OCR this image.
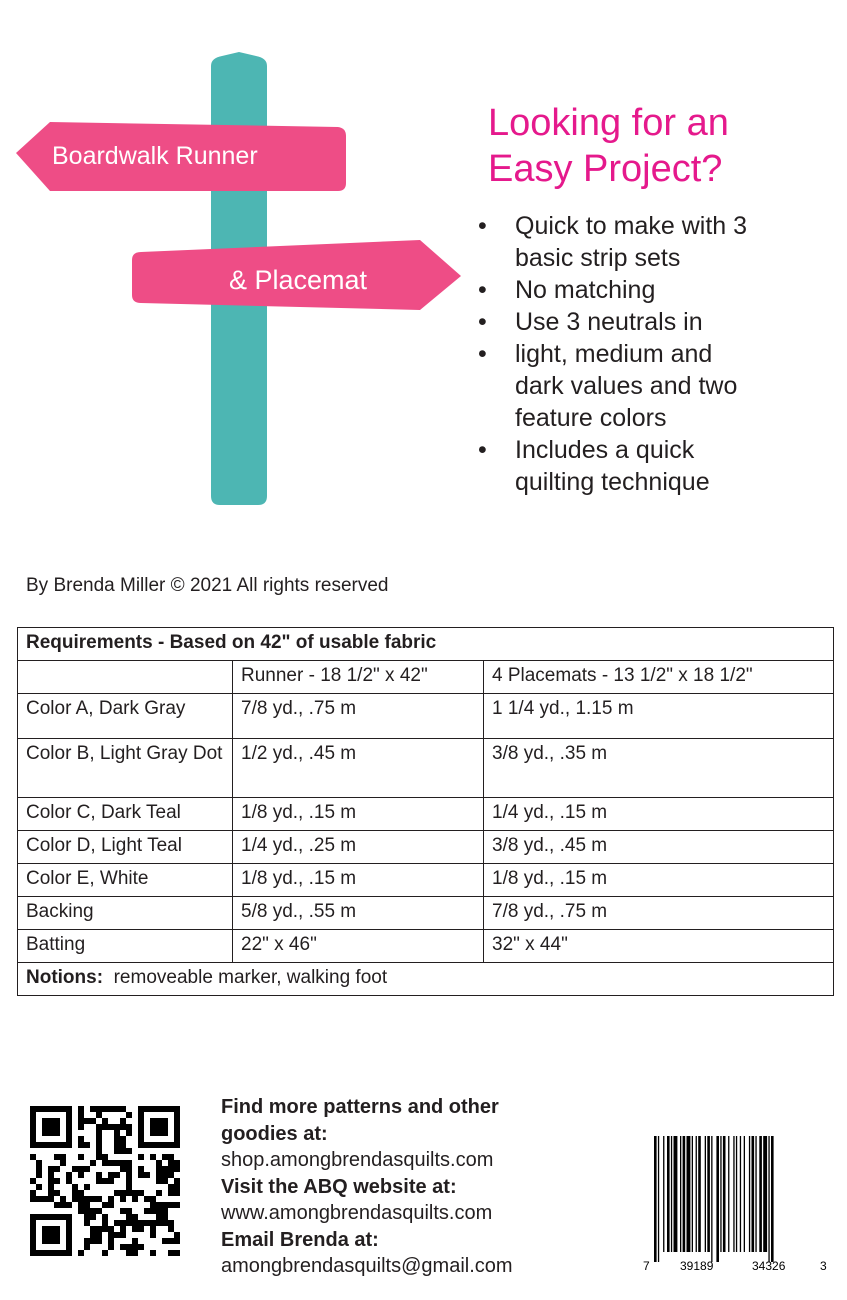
Boardwalk Runner
& Placemat
Looking for an
Easy Project?
• Quick to make with 3
basic strip sets
• No matching
• Use 3 neutrals in
• light, medium and
dark values and two
feature colors
• Includes a quick
quilting technique
By Brenda Miller © 2021 All rights reserved
Requirements - Based on 42" of usable fabric		
	Runner - 18 1/2" x 42"	4 Placemats - 13 1/2" x 18 1/2"
Color A, Dark Gray	7/8 yd., .75 m	1 1/4 yd., 1.15 m
Color B, Light Gray Dot	1/2 yd., .45 m	3/8 yd., .35 m
Color C, Dark Teal	1/8 yd., .15 m	1/4 yd., .15 m
Color D, Light Teal	1/4 yd., .25 m	3/8 yd., .45 m
Color E, White	1/8 yd., .15 m	1/8 yd., .15 m
Backing	5/8 yd., .55 m	7/8 yd., .75 m
Batting	22" x 46"	32" x 44"
Notions: removeable marker, walking foot		
Find more patterns and other
goodies at:
shop.amongbrendasquilts.com
Visit the ABQ website at:
www.amongbrendasquilts.com
Email Brenda at:
amongbrendasquilts@gmail.com	7	39189	34326	3
